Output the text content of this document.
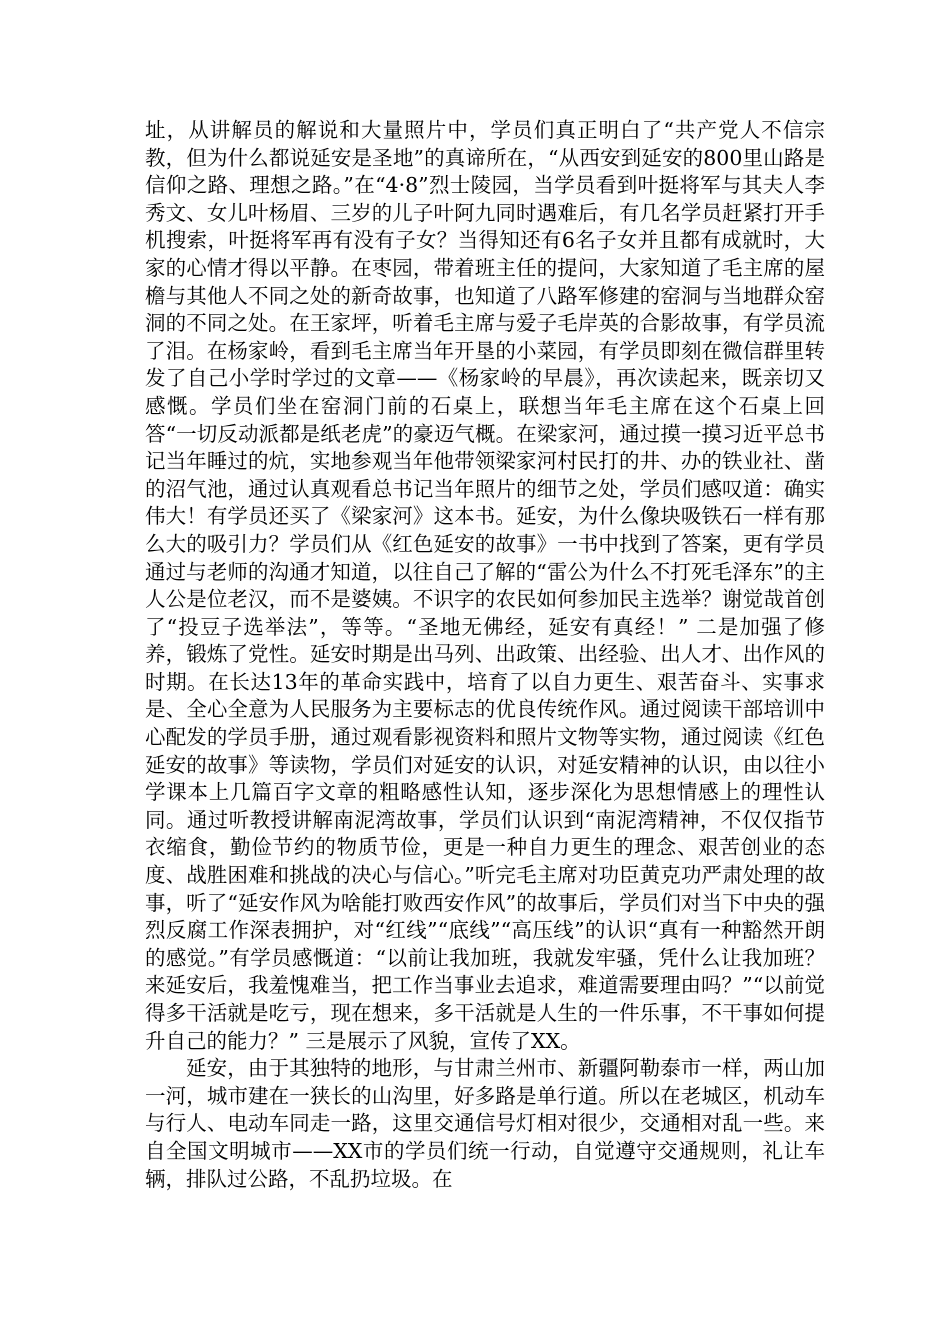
址，从讲解员的解说和大量照片中，学员们真正明白了“共产党人不信宗教，但为什么都说延安是圣地”的真谛所在，“从西安到延安的800里山路是信仰之路、理想之路。”在“4·8”烈士陵园，当学员看到叶挺将军与其夫人李秀文、女儿叶杨眉、三岁的儿子叶阿九同时遇难后，有几名学员赶紧打开手机搜索，叶挺将军再有没有子女？当得知还有6名子女并且都有成就时，大家的心情才得以平静。在枣园，带着班主任的提问，大家知道了毛主席的屋檐与其他人不同之处的新奇故事，也知道了八路军修建的窑洞与当地群众窑洞的不同之处。在王家坪，听着毛主席与爱子毛岸英的合影故事，有学员流了泪。在杨家岭，看到毛主席当年开垦的小菜园，有学员即刻在微信群里转发了自己小学时学过的文章——《杨家岭的早晨》，再次读起来，既亲切又感慨。学员们坐在窑洞门前的石桌上，联想当年毛主席在这个石桌上回答“一切反动派都是纸老虎”的豪迈气概。在梁家河，通过摸一摸习近平总书记当年睡过的炕，实地参观当年他带领梁家河村民打的井、办的铁业社、凿的沼气池，通过认真观看总书记当年照片的细节之处，学员们感叹道：确实伟大！有学员还买了《梁家河》这本书。延安，为什么像块吸铁石一样有那么大的吸引力？学员们从《红色延安的故事》一书中找到了答案，更有学员通过与老师的沟通才知道，以往自己了解的“雷公为什么不打死毛泽东”的主人公是位老汉，而不是婆姨。不识字的农民如何参加民主选举？谢觉哉首创了“投豆子选举法”，等等。“圣地无佛经，延安有真经！” 二是加强了修养，锻炼了党性。延安时期是出马列、出政策、出经验、出人才、出作风的时期。在长达13年的革命实践中，培育了以自力更生、艰苦奋斗、实事求是、全心全意为人民服务为主要标志的优良传统作风。通过阅读干部培训中心配发的学员手册，通过观看影视资料和照片文物等实物，通过阅读《红色延安的故事》等读物，学员们对延安的认识，对延安精神的认识，由以往小学课本上几篇百字文章的粗略感性认知，逐步深化为思想情感上的理性认同。通过听教授讲解南泥湾故事，学员们认识到“南泥湾精神，不仅仅指节衣缩食，勤俭节约的物质节俭，更是一种自力更生的理念、艰苦创业的态度、战胜困难和挑战的决心与信心。”听完毛主席对功臣黄克功严肃处理的故事，听了“延安作风为啥能打败西安作风”的故事后，学员们对当下中央的强烈反腐工作深表拥护，对“红线”“底线”“高压线”的认识“真有一种豁然开朗的感觉。”有学员感慨道：“以前让我加班，我就发牢骚，凭什么让我加班？来延安后，我羞愧难当，把工作当事业去追求，难道需要理由吗？”“以前觉得多干活就是吃亏，现在想来，多干活就是人生的一件乐事，不干事如何提升自己的能力？” 三是展示了风貌，宣传了XX。

延安，由于其独特的地形，与甘肃兰州市、新疆阿勒泰市一样，两山加一河，城市建在一狭长的山沟里，好多路是单行道。所以在老城区，机动车与行人、电动车同走一路，这里交通信号灯相对很少，交通相对乱一些。来自全国文明城市——XX市的学员们统一行动，自觉遵守交通规则，礼让车辆，排队过公路，不乱扔垃圾。在
